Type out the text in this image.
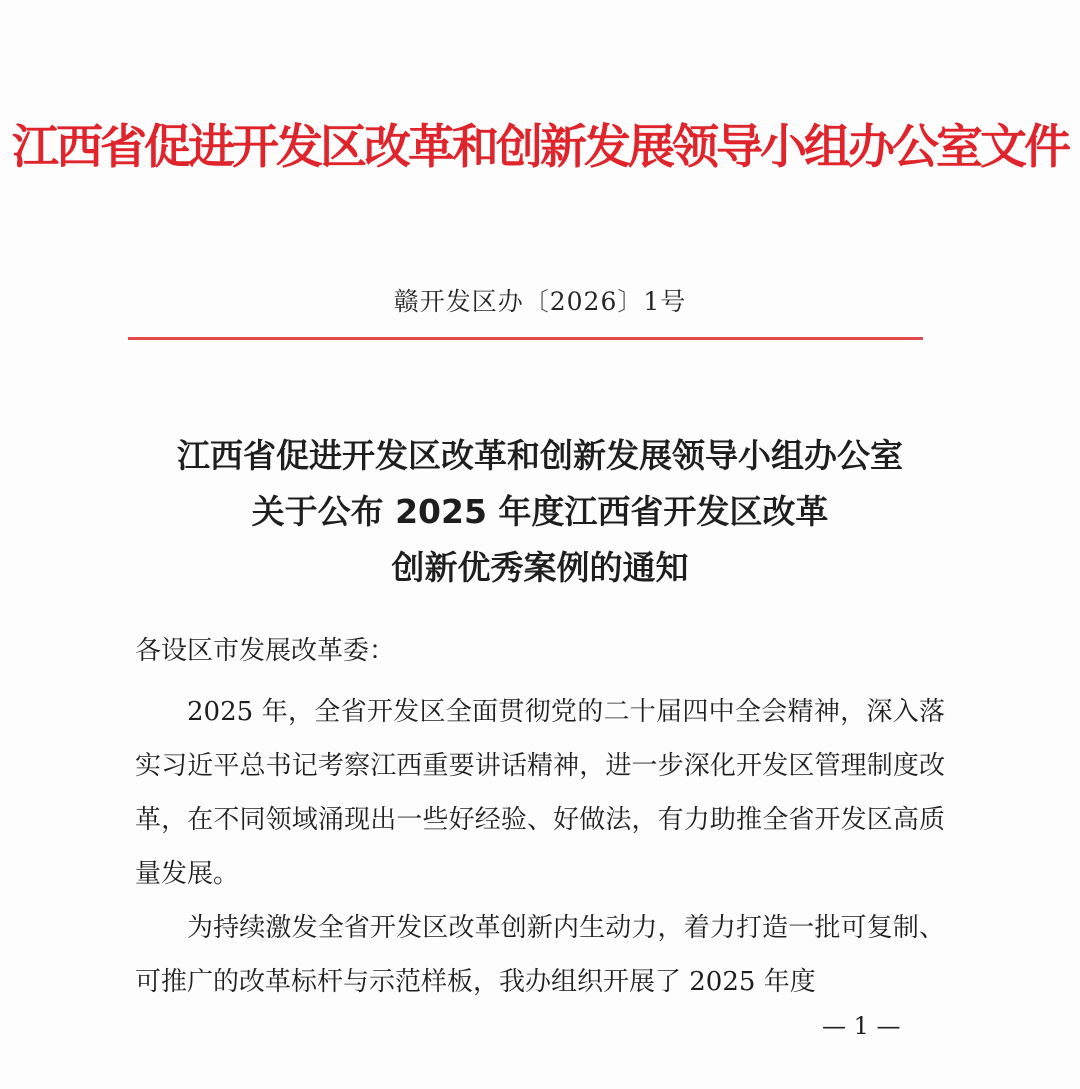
江西省促进开发区改革和创新发展领导小组办公室文件
赣开发区办〔2026〕1号
江西省促进开发区改革和创新发展领导小组办公室
关于公布 2025 年度江西省开发区改革
创新优秀案例的通知
各设区市发展改革委：

2025 年，全省开发区全面贯彻党的二十届四中全会精神，深入落实习近平总书记考察江西重要讲话精神，进一步深化开发区管理制度改革，在不同领域涌现出一些好经验、好做法，有力助推全省开发区高质量发展。

为持续激发全省开发区改革创新内生动力，着力打造一批可复制、可推广的改革标杆与示范样板，我办组织开展了 2025 年度

— 1 —
